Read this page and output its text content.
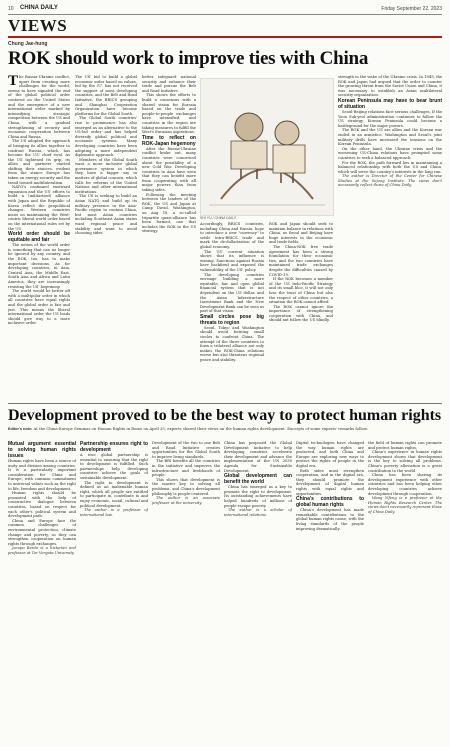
10 CHINA DAILY	Friday September 22, 2023
VIEWS
Chung Jae-hung
ROK should work to improve ties with China

The Russia-Ukraine conflict, apart from creating more challenges for the world, seems to have signaled the end of the global political order centered on the United States and the emergence of a new international order marked by intensifying strategic competition between the US and China, with a gradual strengthening of security and economic cooperation between China and Russia.

The US adopted the approach of bringing its allies together to confront Russia, which has become the US' chief rival. As the US tightened its grip, its allies and partners started shifting their stances, evident from the stance Europe has taken on energy security and the trend toward multilateralism.

NATO's continued eastward expansion and the US' efforts to build a (militarized) alliance with Japan and the Republic of Korea reflect the geopolitical changes. Western countries insist on maintaining the West-centric liberal world order based on the international rules set by the US.

World order should be equitable and fair

The notion of the world order is something that can no longer be ignored by any country, and the ROK, too, has to make important decisions. As for developing countries, in Asia, Central Asia, the Middle East, South Asia and Africa and Latin America, they are increasingly resisting the US' hegemony.

The world would be better off with a multipolar order in which all countries have equal rights and the global order is fair and just. This means the liberal international order the US leads should give way to a more inclusive order.

The US' bid to build a global economic order based on values, led by the G7, has not received the support of most developing countries, and the Belt and Road Initiative, the BRICS grouping and Shanghai Cooperation Organization have become platforms for the Global South.

The Global South countries' rise to prominence has also emerged as an alternative to the US-led order and has helped diversify global political and economic systems. Many developing countries have been adopting a more independent diplomatic approach.

Members of the Global South want a more inclusive global governance system in which they have a bigger say in matters of global concern, which calls for reforms of the United Nations and other international institutions.

The US is seeking to build an Asian NATO and build up its military presence in the Asia-Pacific region to contain China, but most Asian countries including Southeast Asian states want regional peace and stability and want to avoid choosing sides.

better safeguard national security and enhance their trade and pursue the Belt and Road Initiative.

This shows the efforts to build a consensus with a shared vision for Eurasia based on the trade and people-to-people exchanges have intensified, and countries in the region are taking measures to fulfill the West's Eurasian aspirations.

Time to reflect on ROK-Japan hegemony

After the Russia-Ukraine conflict broke out, many countries were concerned about the possibility of a new Cold War. Developing countries in Asia have seen that they can benefit more from cooperating with all major powers than from taking sides.

Following the meeting between the leaders of the ROK, the US and Japan at Camp David, Washington, on Aug 18, a so-called tripartite quasi-alliance has been formed, one that includes the ROK in the US strategy.

SHI YU / CHINA DAILY

Accordingly, BRICS countries, including China and Russia, hope to introduce a new "currency" to settle intra-BRICS trade and mark the de-dollarization of the global economy.

The US' current situation shows that its influence is waning. Sanctions against Russia have backfired and exposed the vulnerability of the US' policy.

The developing countries envisage building a more equitable, fair and open global financial system that is not dependent on the US dollar, and the Asian Infrastructure Investment Bank and the New Development Bank can be seen as part of that vision.

Small circles pose big threats to region

Seoul, Tokyo and Washington should avoid forming small circles to confront China. The attempt of the three countries to form a trilateral alliance not only makes the ROK-China relations worse but also threatens regional peace and stability.

ROK and Japan should seek to maintain balance in relations with China, as Seoul and Beijing have huge interests in the economic and trade fields.

The China-ROK free trade agreement has been a strong foundation for their economic ties, and the two countries have maintained trade exchanges despite the difficulties caused by COVID-19.

If the ROK becomes a member of the US Indo-Pacific Strategy and its small bloc, it will not only lose the trust of China but also the respect of other countries, a situation the ROK cannot afford.

The ROK cannot ignore the importance of strengthening cooperation with China, and should not follow the US blindly.

strength in the wake of the Ukraine crisis. In 1949, the ROK and Japan had argued that the order to counter the growing threat from the Soviet Union and China, it was necessary to establish an Asian multilateral security organization.

Korean Peninsula may have to bear brunt of situation

Seoul-Beijing relations face serious challenges. If the Yoon Suk-yeol administration continues to follow the US strategy, Korean Peninsula could become a battleground for the major powers.

The ROK and the US are allies and the Korean war ended in an armistice. Washington and Seoul's joint military drills have increased the tensions on the Korean Peninsula.

On the other hand, the Ukraine crisis and the worsening US-China relations have prompted some countries to seek a balanced approach.

For the ROK, the path forward lies in maintaining a balanced relationship with both the US and China, which will serve the country's interests in the long run.

The author is Director of the Center for Chinese Studies at the Sejong Institute. The views don't necessarily reflect those of China Daily.

Development proved to be the best way to protect human rights
Editor's note: At the China-Europe Seminar on Human Rights in Rome on April 25, experts shared their views on the human rights development. Excerpts of some experts' remarks follow.

Mutual argument essential to solving human rights issues

Human rights have been a source of unity and division among countries. It is a particularly important consideration for China and Europe, with common commitment to universal values such as the right to life, freedom and development.

Human rights should be promoted with the help of constructive dialogue between countries, based on respect for each other's political system and development path.

China and Europe face the common challenges of environmental protection, climate change and poverty, so they can strengthen cooperation on human rights through exchanges.

Jacopo Bardo is a historian and professor at Tor Vergata University.

Partnership ensures right to development

A true global partnership is essential to ensuring that the right to development is fulfilled. Such partnerships help developing countries achieve the goals of sustainable development.

The right to development is defined as an inalienable human right, which all people are entitled to participate in, contribute to and enjoy economic, social, cultural and political development.

The author is a professor of international law.

Development of the two to one Belt and Road Initiative creates opportunities for the Global South to improve living standards.

The BRI benefits all the countries in the initiative and improves the infrastructure and livelihoods of people.

This shows that development is the master key to solving all problems, and China's development philosophy is people-centered.

The author is an associate professor at the university.

China has proposed the Global Development Initiative to help developing countries accelerate their development and advance the implementation of the UN 2030 Agenda for Sustainable Development.

Global development can benefit the world

China has emerged as a key to promote the right to development. Its outstanding achievements have helped hundreds of millions of people escape poverty.

The author is a scholar of international relations.

Digital technologies have changed the way human rights are protected, and both China and Europe are exploring new ways to protect the rights of people in the digital era.

Both sides must strengthen cooperation, and in the digital era, they should promote the development of digital human rights with equal rights and opportunities.

China's contributions to global human rights

China's development has made remarkable contributions to the global human rights cause, with the living standards of the people improving dramatically.

the field of human rights can promote and protect human rights.

China's experience in human rights development shows that development is the key to solving all problems. China's poverty alleviation is a great contribution to the world.

China has been sharing its development experience with other countries and has been helping other developing countries achieve development through cooperation.

Wang Yifeng is a professor at the Human Rights Research Center. The views don't necessarily represent those of China Daily.
